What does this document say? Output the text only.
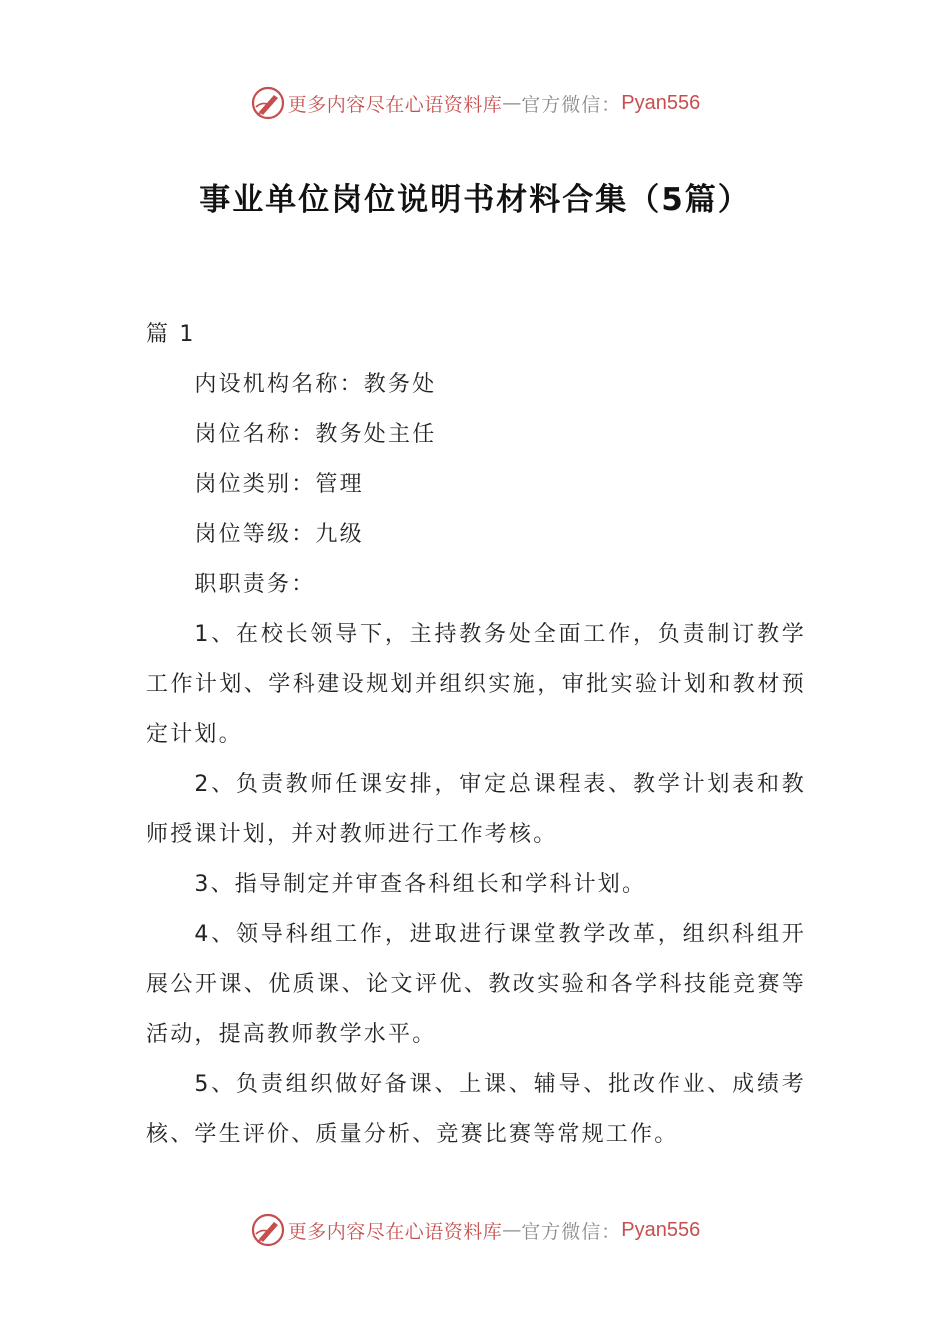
更多内容尽在心语资料库 — 官方微信： Pyan556
事业单位岗位说明书材料合集（5篇）

篇 1

内设机构名称：教务处

岗位名称：教务处主任

岗位类别：管理

岗位等级：九级

职职责务：

1、在校长领导下，主持教务处全面工作，负责制订教学工作计划、学科建设规划并组织实施，审批实验计划和教材预定计划。

2、负责教师任课安排，审定总课程表、教学计划表和教师授课计划，并对教师进行工作考核。

3、指导制定并审查各科组长和学科计划。

4、领导科组工作，进取进行课堂教学改革，组织科组开展公开课、优质课、论文评优、教改实验和各学科技能竞赛等活动，提高教师教学水平。

5、负责组织做好备课、上课、辅导、批改作业、成绩考核、学生评价、质量分析、竞赛比赛等常规工作。

更多内容尽在心语资料库 — 官方微信： Pyan556
